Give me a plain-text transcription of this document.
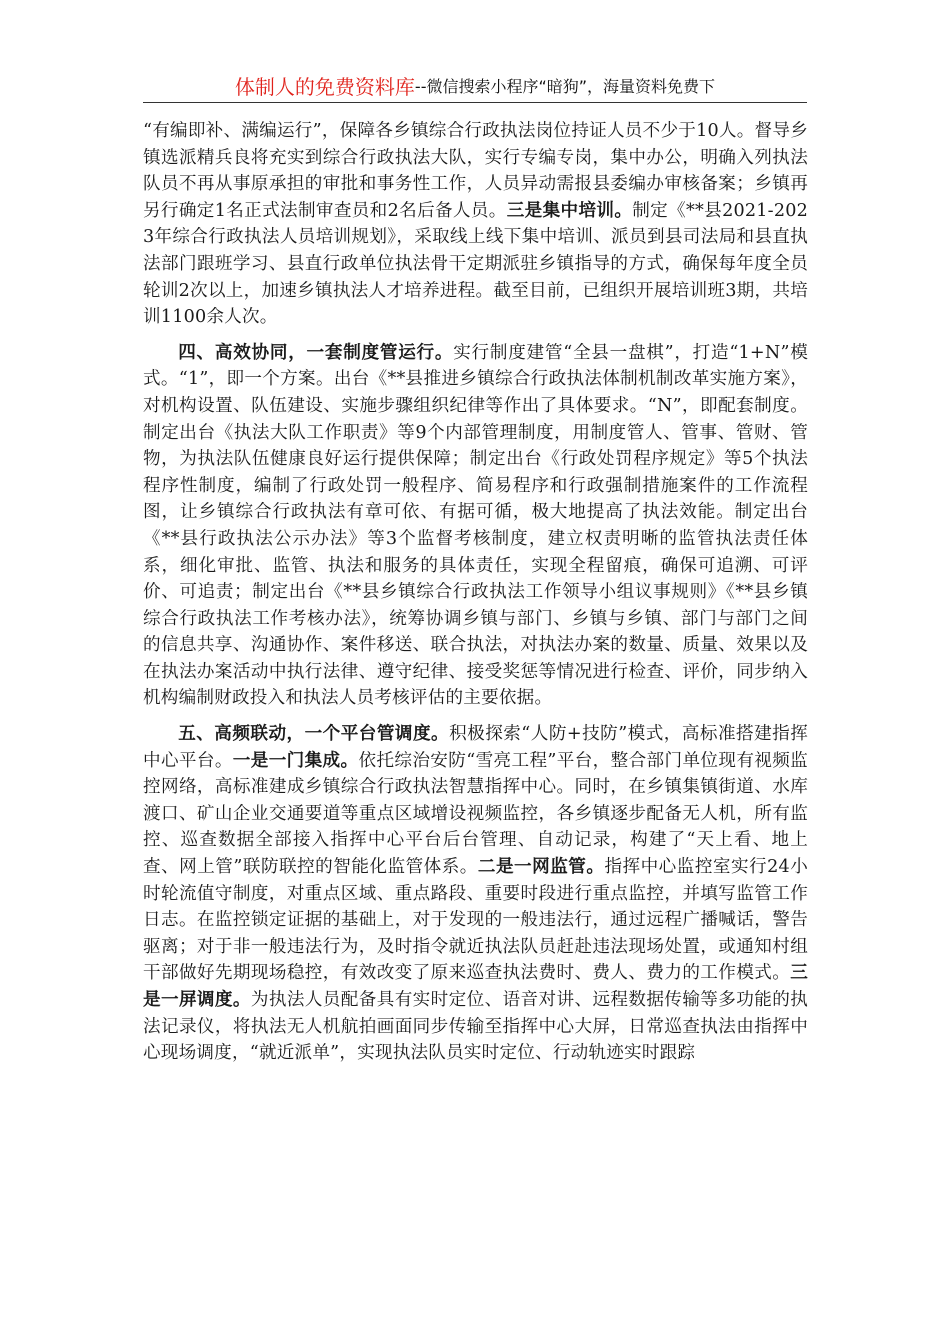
体制人的免费资料库 --微信搜索小程序“暗狗”，海量资料免费下

“有编即补、满编运行”，保障各乡镇综合行政执法岗位持证人员不少于10人。督导乡镇选派精兵良将充实到综合行政执法大队，实行专编专岗，集中办公，明确入列执法队员不再从事原承担的审批和事务性工作，人员异动需报县委编办审核备案；乡镇再另行确定1名正式法制审查员和2名后备人员。三是集中培训。制定《**县2021-2023年综合行政执法人员培训规划》，采取线上线下集中培训、派员到县司法局和县直执法部门跟班学习、县直行政单位执法骨干定期派驻乡镇指导的方式，确保每年度全员轮训2次以上，加速乡镇执法人才培养进程。截至目前，已组织开展培训班3期，共培训1100余人次。

四、高效协同，一套制度管运行。实行制度建管“全县一盘棋”，打造“1+N”模式。“1”，即一个方案。出台《**县推进乡镇综合行政执法体制机制改革实施方案》，对机构设置、队伍建设、实施步骤组织纪律等作出了具体要求。“N”，即配套制度。制定出台《执法大队工作职责》等9个内部管理制度，用制度管人、管事、管财、管物，为执法队伍健康良好运行提供保障；制定出台《行政处罚程序规定》等5个执法程序性制度，编制了行政处罚一般程序、简易程序和行政强制措施案件的工作流程图，让乡镇综合行政执法有章可依、有据可循，极大地提高了执法效能。制定出台《**县行政执法公示办法》等3个监督考核制度，建立权责明晰的监管执法责任体系，细化审批、监管、执法和服务的具体责任，实现全程留痕，确保可追溯、可评价、可追责；制定出台《**县乡镇综合行政执法工作领导小组议事规则》《**县乡镇综合行政执法工作考核办法》，统筹协调乡镇与部门、乡镇与乡镇、部门与部门之间的信息共享、沟通协作、案件移送、联合执法，对执法办案的数量、质量、效果以及在执法办案活动中执行法律、遵守纪律、接受奖惩等情况进行检查、评价，同步纳入机构编制财政投入和执法人员考核评估的主要依据。

五、高频联动，一个平台管调度。积极探索“人防+技防”模式，高标准搭建指挥中心平台。一是一门集成。依托综治安防“雪亮工程”平台，整合部门单位现有视频监控网络，高标准建成乡镇综合行政执法智慧指挥中心。同时，在乡镇集镇街道、水库渡口、矿山企业交通要道等重点区域增设视频监控，各乡镇逐步配备无人机，所有监控、巡查数据全部接入指挥中心平台后台管理、自动记录，构建了“天上看、地上查、网上管”联防联控的智能化监管体系。二是一网监管。指挥中心监控室实行24小时轮流值守制度，对重点区域、重点路段、重要时段进行重点监控，并填写监管工作日志。在监控锁定证据的基础上，对于发现的一般违法行，通过远程广播喊话，警告驱离；对于非一般违法行为，及时指令就近执法队员赶赴违法现场处置，或通知村组干部做好先期现场稳控，有效改变了原来巡查执法费时、费人、费力的工作模式。三是一屏调度。为执法人员配备具有实时定位、语音对讲、远程数据传输等多功能的执法记录仪，将执法无人机航拍画面同步传输至指挥中心大屏，日常巡查执法由指挥中心现场调度，“就近派单”，实现执法队员实时定位、行动轨迹实时跟踪
